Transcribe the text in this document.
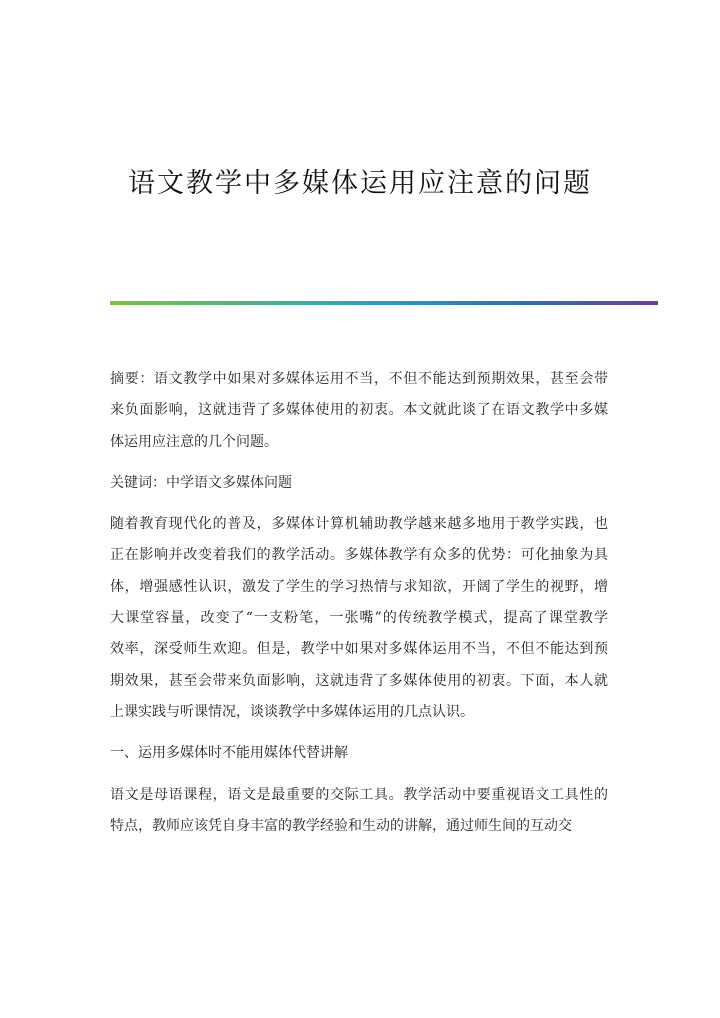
语文教学中多媒体运用应注意的问题
摘要：语文教学中如果对多媒体运用不当，不但不能达到预期效果，甚至会带
来负面影响，这就违背了多媒体使用的初衷。本文就此谈了在语文教学中多媒
体运用应注意的几个问题。
关键词：中学语文多媒体问题
随着教育现代化的普及，多媒体计算机辅助教学越来越多地用于教学实践，也
正在影响并改变着我们的教学活动。多媒体教学有众多的优势：可化抽象为具
体，增强感性认识，激发了学生的学习热情与求知欲，开阔了学生的视野，增
大课堂容量，改变了“一支粉笔，一张嘴”的传统教学模式，提高了课堂教学
效率，深受师生欢迎。但是，教学中如果对多媒体运用不当，不但不能达到预
期效果，甚至会带来负面影响，这就违背了多媒体使用的初衷。下面，本人就
上课实践与听课情况，谈谈教学中多媒体运用的几点认识。
一、运用多媒体时不能用媒体代替讲解
语文是母语课程，语文是最重要的交际工具。教学活动中要重视语文工具性的
特点，教师应该凭自身丰富的教学经验和生动的讲解，通过师生间的互动交
